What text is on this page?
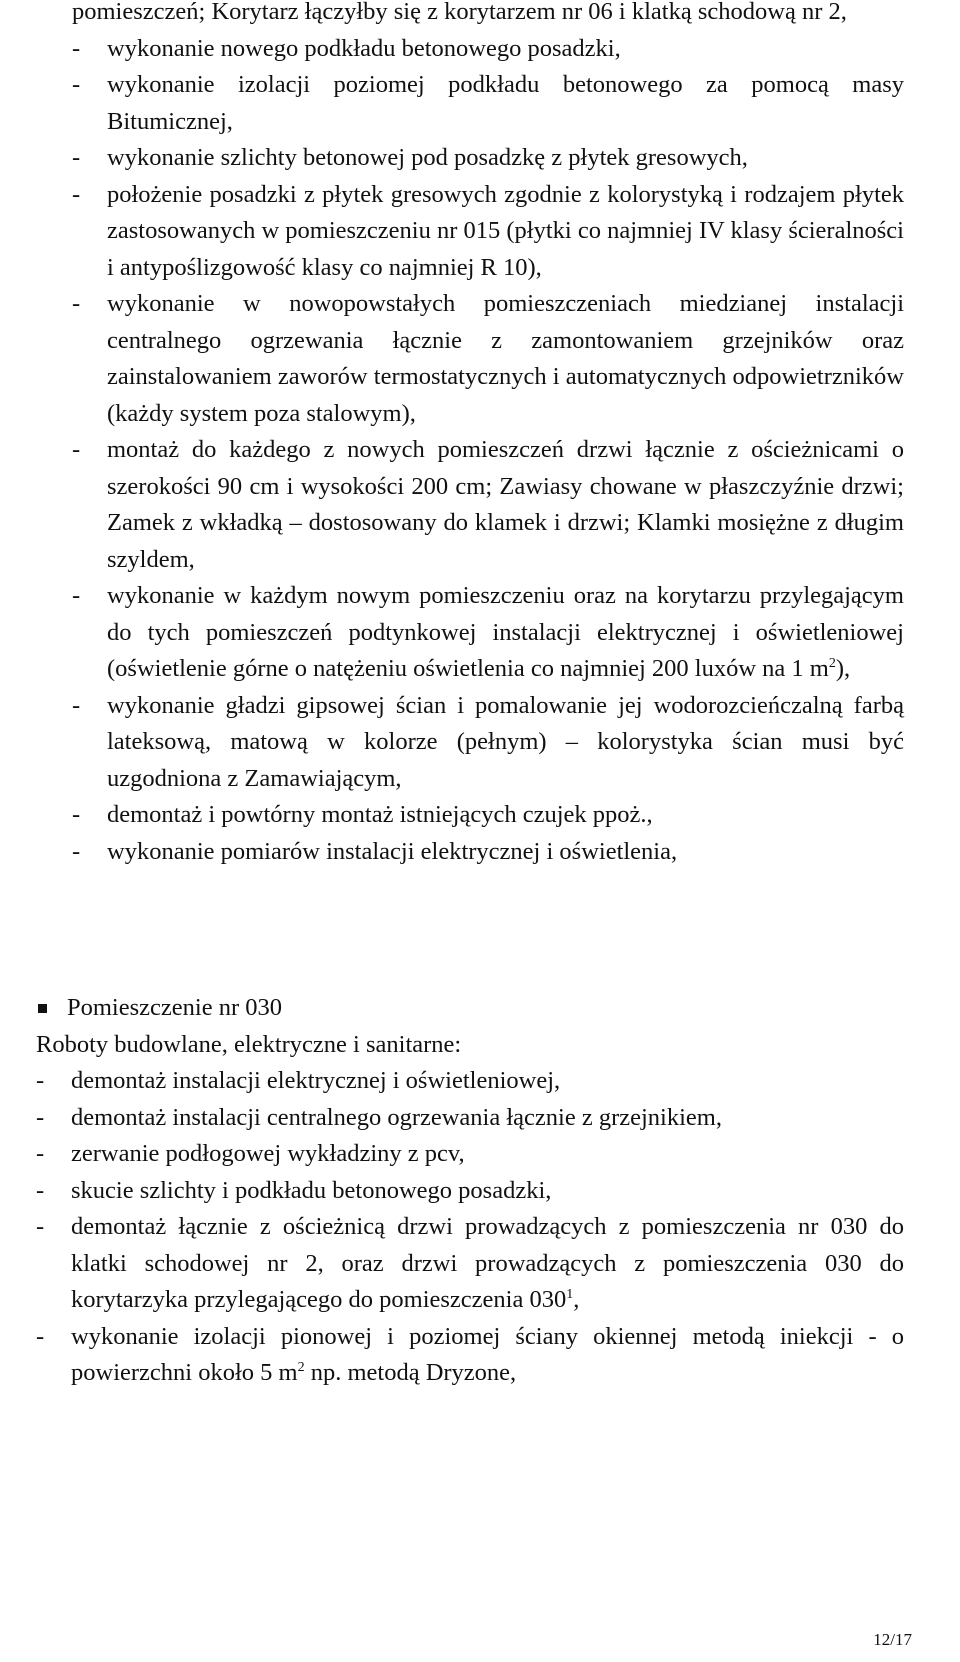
pomieszczeń; Korytarz łączyłby się z korytarzem nr 06 i klatką schodową nr 2,
-	wykonanie nowego podkładu betonowego posadzki,
-	wykonanie izolacji poziomej podkładu betonowego za pomocą masy Bitumicznej,
-	wykonanie szlichty betonowej pod posadzkę z płytek gresowych,
-	położenie posadzki z płytek gresowych zgodnie z kolorystyką i rodzajem płytek zastosowanych w pomieszczeniu nr 015 (płytki co najmniej IV klasy ścieralności i antypoślizgowość klasy co najmniej R 10),
-	wykonanie w nowopowstałych pomieszczeniach miedzianej instalacji centralnego ogrzewania łącznie z zamontowaniem grzejników oraz zainstalowaniem zaworów termostatycznych i automatycznych odpowietrzników (każdy system poza stalowym),
-	montaż do każdego z nowych pomieszczeń drzwi łącznie z ościeżnicami o szerokości 90 cm i wysokości 200 cm; Zawiasy chowane w płaszczyźnie drzwi; Zamek z wkładką – dostosowany do klamek i drzwi; Klamki mosiężne z długim szyldem,
-	wykonanie w każdym nowym pomieszczeniu oraz na korytarzu przylegającym do tych pomieszczeń podtynkowej instalacji elektrycznej i oświetleniowej (oświetlenie górne o natężeniu oświetlenia co najmniej 200 luxów na 1 $m^2$),
-	wykonanie gładzi gipsowej ścian i pomalowanie jej wodorozcieńczalną farbą lateksową, matową w kolorze (pełnym) – kolorystyka ścian musi być uzgodniona z Zamawiającym,
-	demontaż i powtórny montaż istniejących czujek ppoż.,
-	wykonanie pomiarów instalacji elektrycznej i oświetlenia,
Pomieszczenie nr 030
Roboty budowlane, elektryczne i sanitarne:
-	demontaż instalacji elektrycznej i oświetleniowej,
-	demontaż instalacji centralnego ogrzewania łącznie z grzejnikiem,
-	zerwanie podłogowej wykładziny z pcv,
-	skucie szlichty i podkładu betonowego posadzki,
-	demontaż łącznie z ościeżnicą drzwi prowadzących z pomieszczenia nr 030 do klatki schodowej nr 2, oraz drzwi prowadzących z pomieszczenia 030 do korytarzyka przylegającego do pomieszczenia $030^1$,
-	wykonanie izolacji pionowej i poziomej ściany okiennej metodą iniekcji - o powierzchni około 5 $m^2$ np. metodą Dryzone,
12/17
